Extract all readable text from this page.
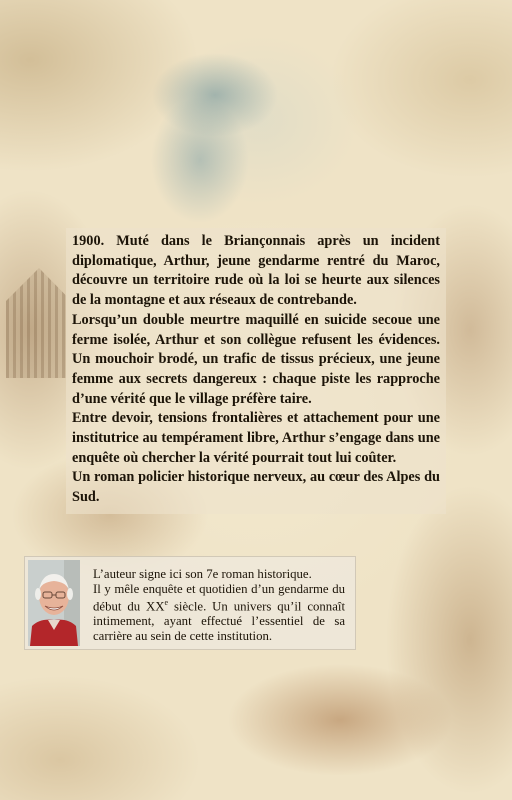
1900. Muté dans le Briançonnais après un incident diplomatique, Arthur, jeune gendarme rentré du Maroc, découvre un territoire rude où la loi se heurte aux silences de la montagne et aux réseaux de contrebande.

Lorsqu’un double meurtre maquillé en suicide secoue une ferme isolée, Arthur et son collègue refusent les évidences. Un mouchoir brodé, un trafic de tissus précieux, une jeune femme aux secrets dangereux : chaque piste les rapproche d’une vérité que le village préfère taire.

Entre devoir, tensions frontalières et attachement pour une institutrice au tempérament libre, Arthur s’engage dans une enquête où chercher la vérité pourrait tout lui coûter.

Un roman policier historique nerveux, au cœur des Alpes du Sud.

L’auteur signe ici son 7e roman historique.

Il y mêle enquête et quotidien d’un gendarme du début du XXe siècle. Un univers qu’il connaît intimement, ayant effectué l’essentiel de sa carrière au sein de cette institution.
